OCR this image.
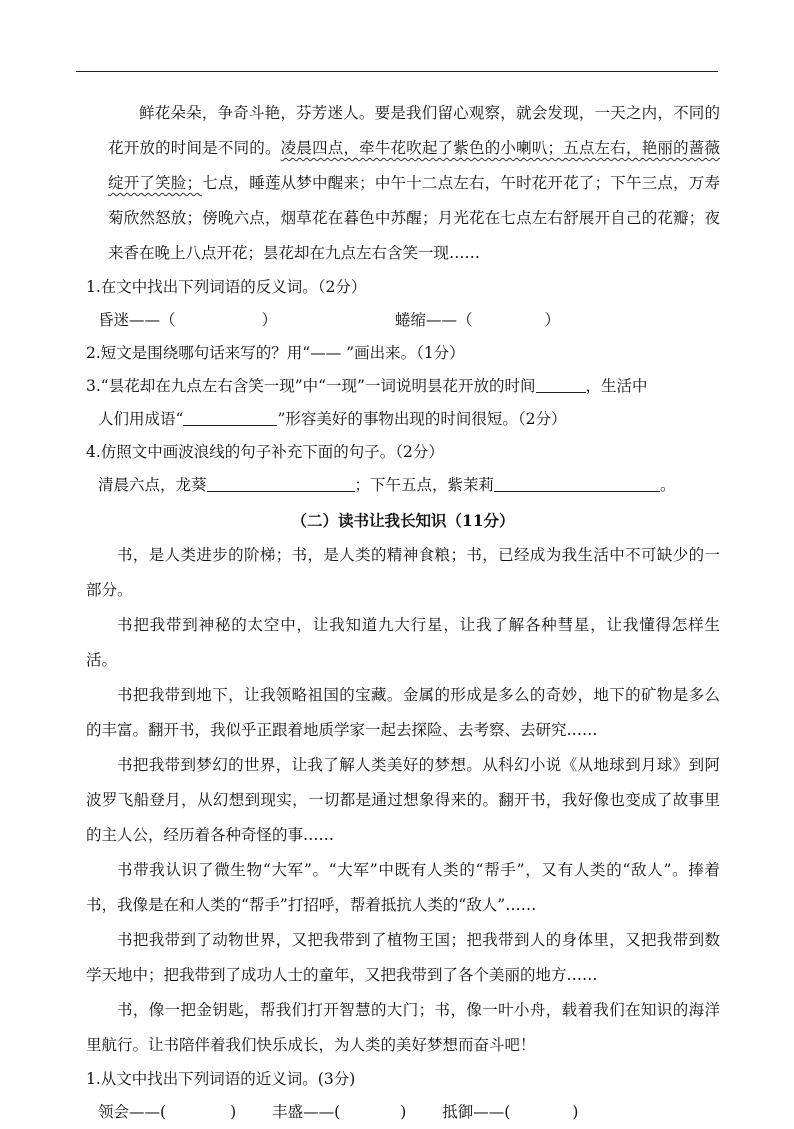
鲜花朵朵，争奇斗艳，芬芳迷人。要是我们留心观察，就会发现，一天之内，不同的花开放的时间是不同的。凌晨四点，牵牛花吹起了紫色的小喇叭；五点左右，艳丽的蔷薇绽开了笑脸；七点，睡莲从梦中醒来；中午十二点左右，午时花开花了；下午三点，万寿菊欣然怒放；傍晚六点，烟草花在暮色中苏醒；月光花在七点左右舒展开自己的花瓣；夜来香在晚上八点开花；昙花却在九点左右含笑一现……

1.在文中找出下列词语的反义词。（2分）

昏迷——（	）	蜷缩——（	）

2.短文是围绕哪句话来写的？用“—— ”画出来。（1分）

3.“昙花却在九点左右含笑一现”中“一现”一词说明昙花开放的时间	，生活中

人们用成语“	”形容美好的事物出现的时间很短。（2分）

4.仿照文中画波浪线的句子补充下面的句子。（2分）

清晨六点，龙葵	；下午五点，紫茉莉	。

（二）读书让我长知识（11分）

书，是人类进步的阶梯；书，是人类的精神食粮；书，已经成为我生活中不可缺少的一部分。

书把我带到神秘的太空中，让我知道九大行星，让我了解各种彗星，让我懂得怎样生活。

书把我带到地下，让我领略祖国的宝藏。金属的形成是多么的奇妙，地下的矿物是多么的丰富。翻开书，我似乎正跟着地质学家一起去探险、去考察、去研究……

书把我带到梦幻的世界，让我了解人类美好的梦想。从科幻小说《从地球到月球》到阿波罗飞船登月，从幻想到现实，一切都是通过想象得来的。翻开书，我好像也变成了故事里的主人公，经历着各种奇怪的事……

书带我认识了微生物“大军”。“大军”中既有人类的“帮手”，又有人类的“敌人”。捧着书，我像是在和人类的“帮手”打招呼，帮着抵抗人类的“敌人”……

书把我带到了动物世界，又把我带到了植物王国；把我带到人的身体里，又把我带到数学天地中；把我带到了成功人士的童年，又把我带到了各个美丽的地方……

书，像一把金钥匙，帮我们打开智慧的大门；书，像一叶小舟，载着我们在知识的海洋里航行。让书陪伴着我们快乐成长，为人类的美好梦想而奋斗吧！

1.从文中找出下列词语的近义词。(3分)

领会——(	) 丰盛——(	) 抵御——(	)
